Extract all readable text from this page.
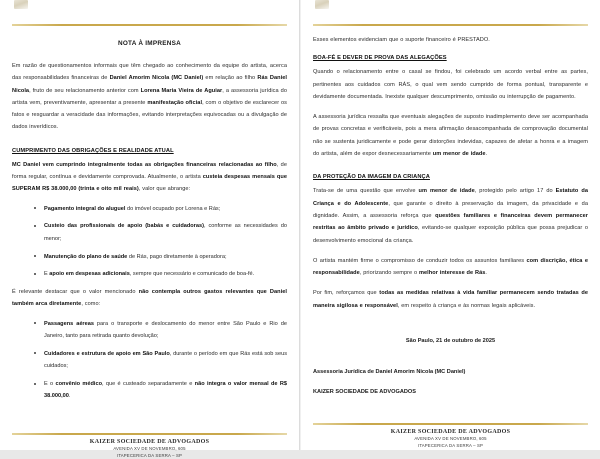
NOTA À IMPRENSA

Em razão de questionamentos informais que têm chegado ao conhecimento da equipe do artista, acerca das responsabilidades financeiras de Daniel Amorim Nicola (MC Daniel) em relação ao filho Rás Daniel Nicola, fruto de seu relacionamento anterior com Lorena Maria Vieira de Aguiar, a assessoria jurídica do artista vem, preventivamente, apresentar a presente manifestação oficial, com o objetivo de esclarecer os fatos e resguardar a veracidade das informações, evitando interpretações equivocadas ou a divulgação de dados inverídicos.

CUMPRIMENTO DAS OBRIGAÇÕES E REALIDADE ATUAL

MC Daniel vem cumprindo integralmente todas as obrigações financeiras relacionadas ao filho, de forma regular, contínua e devidamente comprovada. Atualmente, o artista custeia despesas mensais que SUPERAM R$ 38.000,00 (trinta e oito mil reais), valor que abrange:

Pagamento integral do aluguel do imóvel ocupado por Lorena e Rás;
Custeio das profissionais de apoio (babás e cuidadoras), conforme as necessidades do menor;
Manutenção do plano de saúde de Rás, pago diretamente à operadora;
E apoio em despesas adicionais, sempre que necessário e comunicado de boa-fé.

É relevante destacar que o valor mencionado não contempla outros gastos relevantes que Daniel também arca diretamente, como:

Passagens aéreas para o transporte e deslocamento do menor entre São Paulo e Rio de Janeiro, tanto para retirada quanto devolução;
Cuidadores e estrutura de apoio em São Paulo, durante o período em que Rás está sob seus cuidados;
E o convênio médico, que é custeado separadamente e não integra o valor mensal de R$ 38.000,00.
KAIZER SOCIEDADE DE ADVOGADOS
AVENIDA XV DE NOVEMBRO, 605
ITAPECERICA DA SERRA – SP

Esses elementos evidenciam que o suporte financeiro é PRESTADO.

BOA-FÉ E DEVER DE PROVA DAS ALEGAÇÕES

Quando o relacionamento entre o casal se findou, foi celebrado um acordo verbal entre as partes, pertinentes aos cuidados com RÁS, o qual vem sendo cumprido de forma pontual, transparente e devidamente documentada. Inexiste qualquer descumprimento, omissão ou interrupção de pagamento.

A assessoria jurídica ressalta que eventuais alegações de suposto inadimplemento deve ser acompanhada de provas concretas e verificáveis, pois a mera afirmação desacompanhada de comprovação documental não se sustenta juridicamente e pode gerar distorções indevidas, capazes de afetar a honra e a imagem do artista, além de expor desnecessariamente um menor de idade.

DA PROTEÇÃO DA IMAGEM DA CRIANÇA

Trata-se de uma questão que envolve um menor de idade, protegido pelo artigo 17 do Estatuto da Criança e do Adolescente, que garante o direito à preservação da imagem, da privacidade e da dignidade. Assim, a assessoria reforça que questões familiares e financeiras devem permanecer restritas ao âmbito privado e jurídico, evitando-se qualquer exposição pública que possa prejudicar o desenvolvimento emocional da criança.

O artista mantém firme o compromisso de conduzir todos os assuntos familiares com discrição, ética e responsabilidade, priorizando sempre o melhor interesse de Rás.

Por fim, reforçamos que todas as medidas relativas à vida familiar permanecem sendo tratadas de maneira sigilosa e responsável, em respeito à criança e às normas legais aplicáveis.

São Paulo, 21 de outubro de 2025

Assessoria Jurídica de Daniel Amorim Nicola (MC Daniel)

KAIZER SOCIEDADE DE ADVOGADOS

KAIZER SOCIEDADE DE ADVOGADOS
AVENIDA XV DE NOVEMBRO, 605
ITAPECERICA DA SERRA – SP
